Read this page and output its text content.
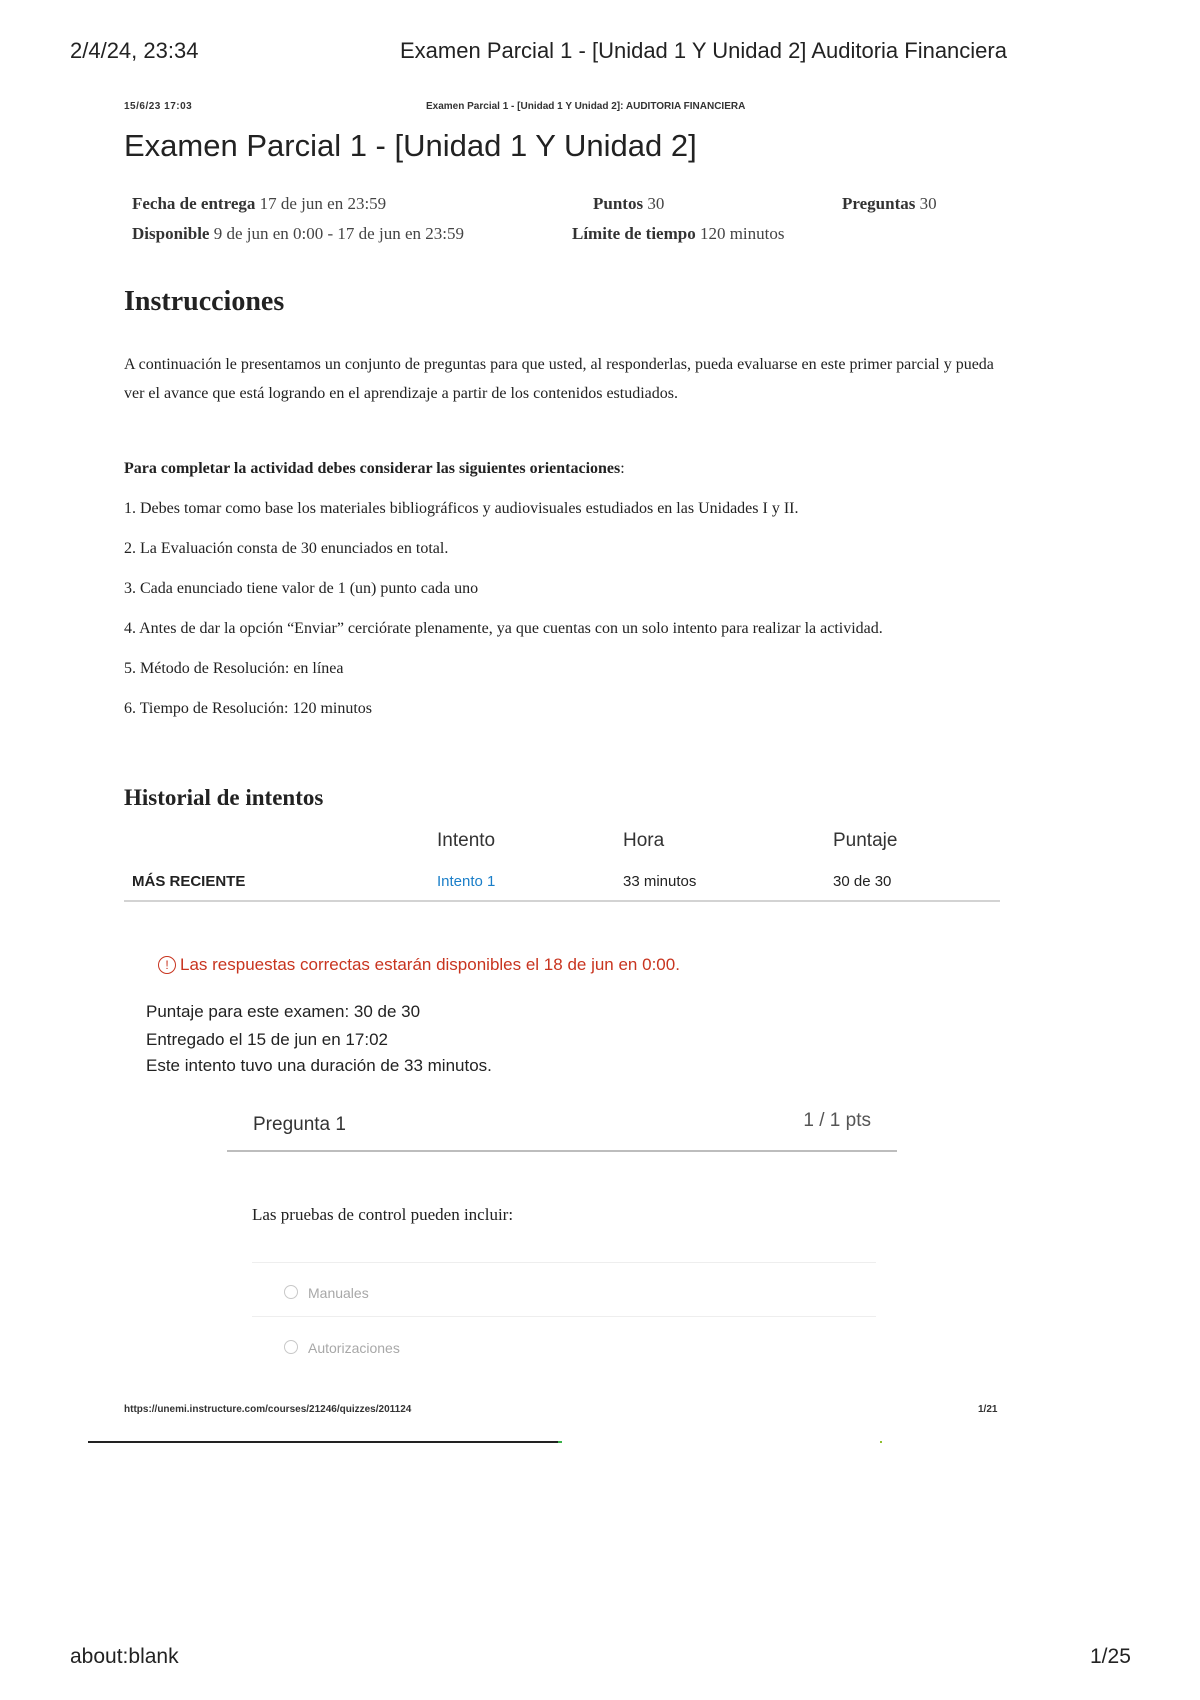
2/4/24, 23:34	Examen Parcial 1 - [Unidad 1 Y Unidad 2] Auditoria Financiera
15/6/23 17:03	Examen Parcial 1 - [Unidad 1 Y Unidad 2]: AUDITORIA FINANCIERA
Examen Parcial 1 - [Unidad 1 Y Unidad 2]
Fecha de entrega 17 de jun en 23:59	Puntos 30	Preguntas 30
Disponible 9 de jun en 0:00 - 17 de jun en 23:59	Límite de tiempo 120 minutos
Instrucciones

A continuación le presentamos un conjunto de preguntas para que usted, al responderlas, pueda evaluarse en este primer parcial y pueda ver el avance que está logrando en el aprendizaje a partir de los contenidos estudiados.

Para completar la actividad debes considerar las siguientes orientaciones:
1. Debes tomar como base los materiales bibliográficos y audiovisuales estudiados en las Unidades I y II.
2. La Evaluación consta de 30 enunciados en total.
3. Cada enunciado tiene valor de 1 (un) punto cada uno
4. Antes de dar la opción “Enviar” cerciórate plenamente, ya que cuentas con un solo intento para realizar la actividad.
5. Método de Resolución: en línea
6. Tiempo de Resolución: 120 minutos
Historial de intentos
	Intento	Hora	Puntaje
MÁS RECIENTE	Intento 1	33 minutos	30 de 30
! Las respuestas correctas estarán disponibles el 18 de jun en 0:00.
Puntaje para este examen: 30 de 30
Entregado el 15 de jun en 17:02
Este intento tuvo una duración de 33 minutos.
Pregunta 1	1 / 1 pts
Las pruebas de control pueden incluir:
Manuales
Autorizaciones
https://unemi.instructure.com/courses/21246/quizzes/201124	1/21
about:blank	1/25
